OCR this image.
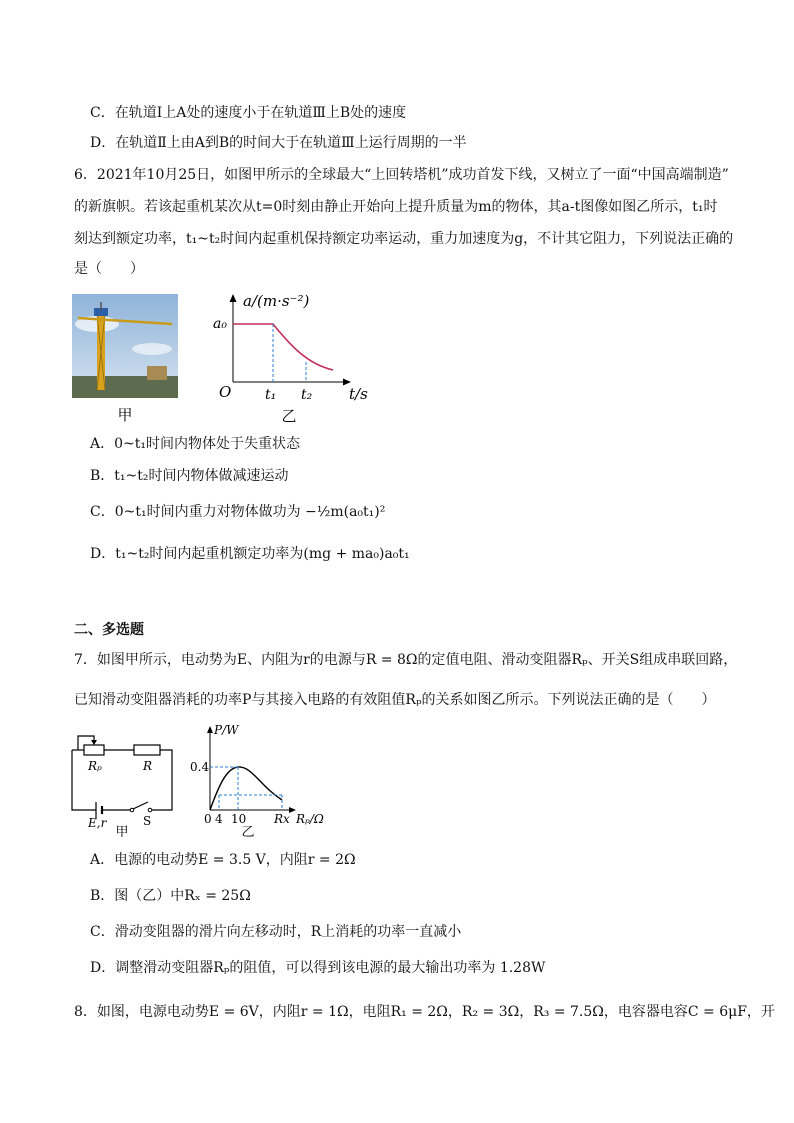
C．在轨道Ⅰ上A处的速度小于在轨道Ⅲ上B处的速度
D．在轨道Ⅱ上由A到B的时间大于在轨道Ⅲ上运行周期的一半
6．2021年10月25日，如图甲所示的全球最大“上回转塔机”成功首发下线，又树立了一面“中国高端制造”
的新旗帜。若该起重机某次从t=0时刻由静止开始向上提升质量为m的物体，其a-t图像如图乙所示，t₁时
刻达到额定功率，t₁~t₂时间内起重机保持额定功率运动，重力加速度为g，不计其它阻力，下列说法正确的
是（　　）
甲
a/(m·s⁻²)
a₀
O t₁ t₂ t/s
乙
A．0~t₁时间内物体处于失重状态
B．t₁~t₂时间内物体做减速运动
C．0~t₁时间内重力对物体做功为 −½m(a₀t₁)²
D．t₁~t₂时间内起重机额定功率为(mg + ma₀)a₀t₁
二、多选题
7．如图甲所示，电动势为E、内阻为r的电源与R = 8Ω的定值电阻、滑动变阻器Rₚ、开关S组成串联回路，
已知滑动变阻器消耗的功率P与其接入电路的有效阻值Rₚ的关系如图乙所示。下列说法正确的是（　　）
Rₚ	R
E,r	S
甲
P/W
0.4
0 4 10 Rx Rₚ/Ω
乙
A．电源的电动势E = 3.5 V，内阻r = 2Ω
B．图（乙）中Rₓ = 25Ω
C．滑动变阻器的滑片向左移动时，R上消耗的功率一直减小
D．调整滑动变阻器Rₚ的阻值，可以得到该电源的最大输出功率为 1.28W
8．如图，电源电动势E = 6V，内阻r = 1Ω，电阻R₁ = 2Ω，R₂ = 3Ω，R₃ = 7.5Ω，电容器电容C = 6μF，开
